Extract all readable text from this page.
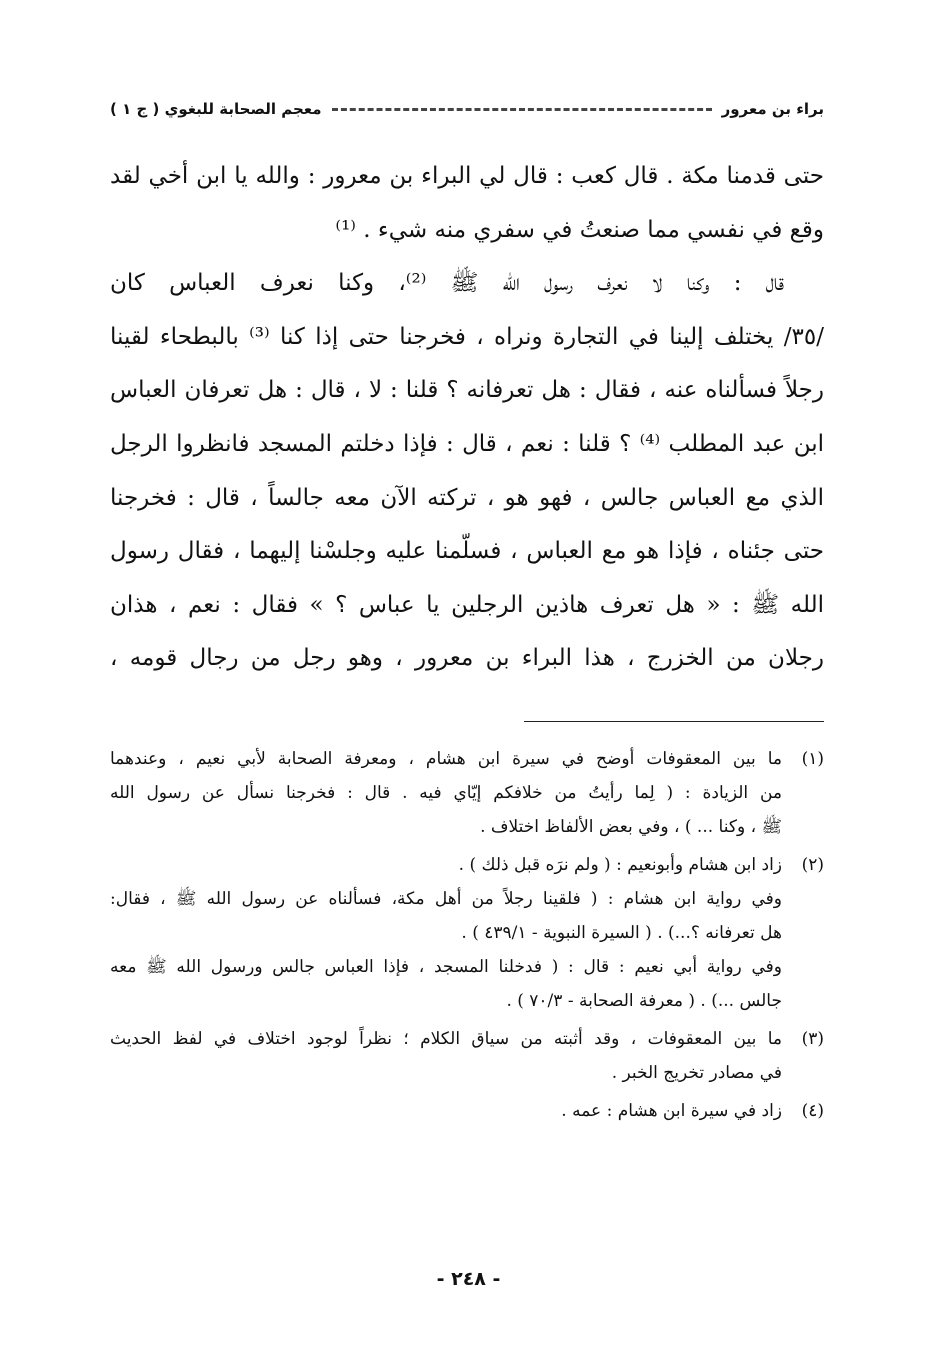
براء بن معرور
معجم الصحابة للبغوي ( ج ١ )
حتى قدمنا مكة . قال كعب : قال لي البراء بن معرور : والله يا ابن أخي لقد
وقع في نفسي مما صنعتُ في سفري منه شيء . ⁽¹⁾
قال : وكنا لا نعرف رسول الله ﷺ ⁽²⁾، وكنا نعرف العباس كان
/٣٥/ يختلف إلينا في التجارة ونراه ، فخرجنا حتى إذا كنا ⁽³⁾ بالبطحاء لقينا
رجلاً فسألناه عنه ، فقال : هل تعرفانه ؟ قلنا : لا ، قال : هل تعرفان العباس
ابن عبد المطلب ⁽⁴⁾ ؟ قلنا : نعم ، قال : فإذا دخلتم المسجد فانظروا الرجل
الذي مع العباس جالس ، فهو هو ، تركته الآن معه جالساً ، قال : فخرجنا
حتى جئناه ، فإذا هو مع العباس ، فسلّمنا عليه وجلسْنا إليهما ، فقال رسول
الله ﷺ : « هل تعرف هاذين الرجلين يا عباس ؟ » فقال : نعم ، هذان
رجلان من الخزرج ، هذا البراء بن معرور ، وهو رجل من رجال قومه ،
(١)
ما بين المعقوفات أوضح في سيرة ابن هشام ، ومعرفة الصحابة لأبي نعيم ، وعندهما
من الزيادة : ( لِما رأيتُ من خلافكم إيّاي فيه . قال : فخرجنا نسأل عن رسول الله
ﷺ ، وكنا ... ) ، وفي بعض الألفاظ اختلاف .
(٢)
زاد ابن هشام وأبونعيم : ( ولم نرَه قبل ذلك ) .
وفي رواية ابن هشام : ( فلقينا رجلاً من أهل مكة، فسألناه عن رسول الله ﷺ ، فقال:
هل تعرفانه ؟...) . ( السيرة النبوية - ٤٣٩/١ ) .
وفي رواية أبي نعيم : قال : ( فدخلنا المسجد ، فإذا العباس جالس ورسول الله ﷺ معه
جالس ...) . ( معرفة الصحابة - ٧٠/٣ ) .
(٣)
ما بين المعقوفات ، وقد أثبته من سياق الكلام ؛ نظراً لوجود اختلاف في لفظ الحديث
في مصادر تخريج الخبر .
(٤)
زاد في سيرة ابن هشام : عمه .
- ٢٤٨ -
